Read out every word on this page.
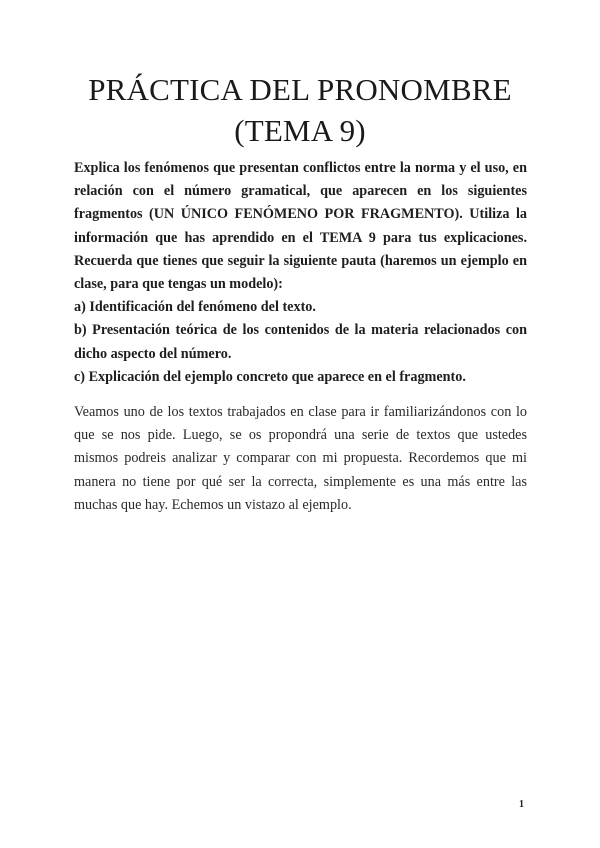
PRÁCTICA DEL PRONOMBRE
(TEMA 9)

Explica los fenómenos que presentan conflictos entre la norma y el uso, en relación con el número gramatical, que aparecen en los siguientes fragmentos (UN ÚNICO FENÓMENO POR FRAGMENTO). Utiliza la información que has aprendido en el TEMA 9 para tus explicaciones. Recuerda que tienes que seguir la siguiente pauta (haremos un ejemplo en clase, para que tengas un modelo):

a) Identificación del fenómeno del texto.

b) Presentación teórica de los contenidos de la materia relacionados con dicho aspecto del número.

c) Explicación del ejemplo concreto que aparece en el fragmento.

Veamos uno de los textos trabajados en clase para ir familiarizándonos con lo que se nos pide. Luego, se os propondrá una serie de textos que ustedes mismos podreis analizar y comparar con mi propuesta. Recordemos que mi manera no tiene por qué ser la correcta, simplemente es una más entre las muchas que hay. Echemos un vistazo al ejemplo.

1
